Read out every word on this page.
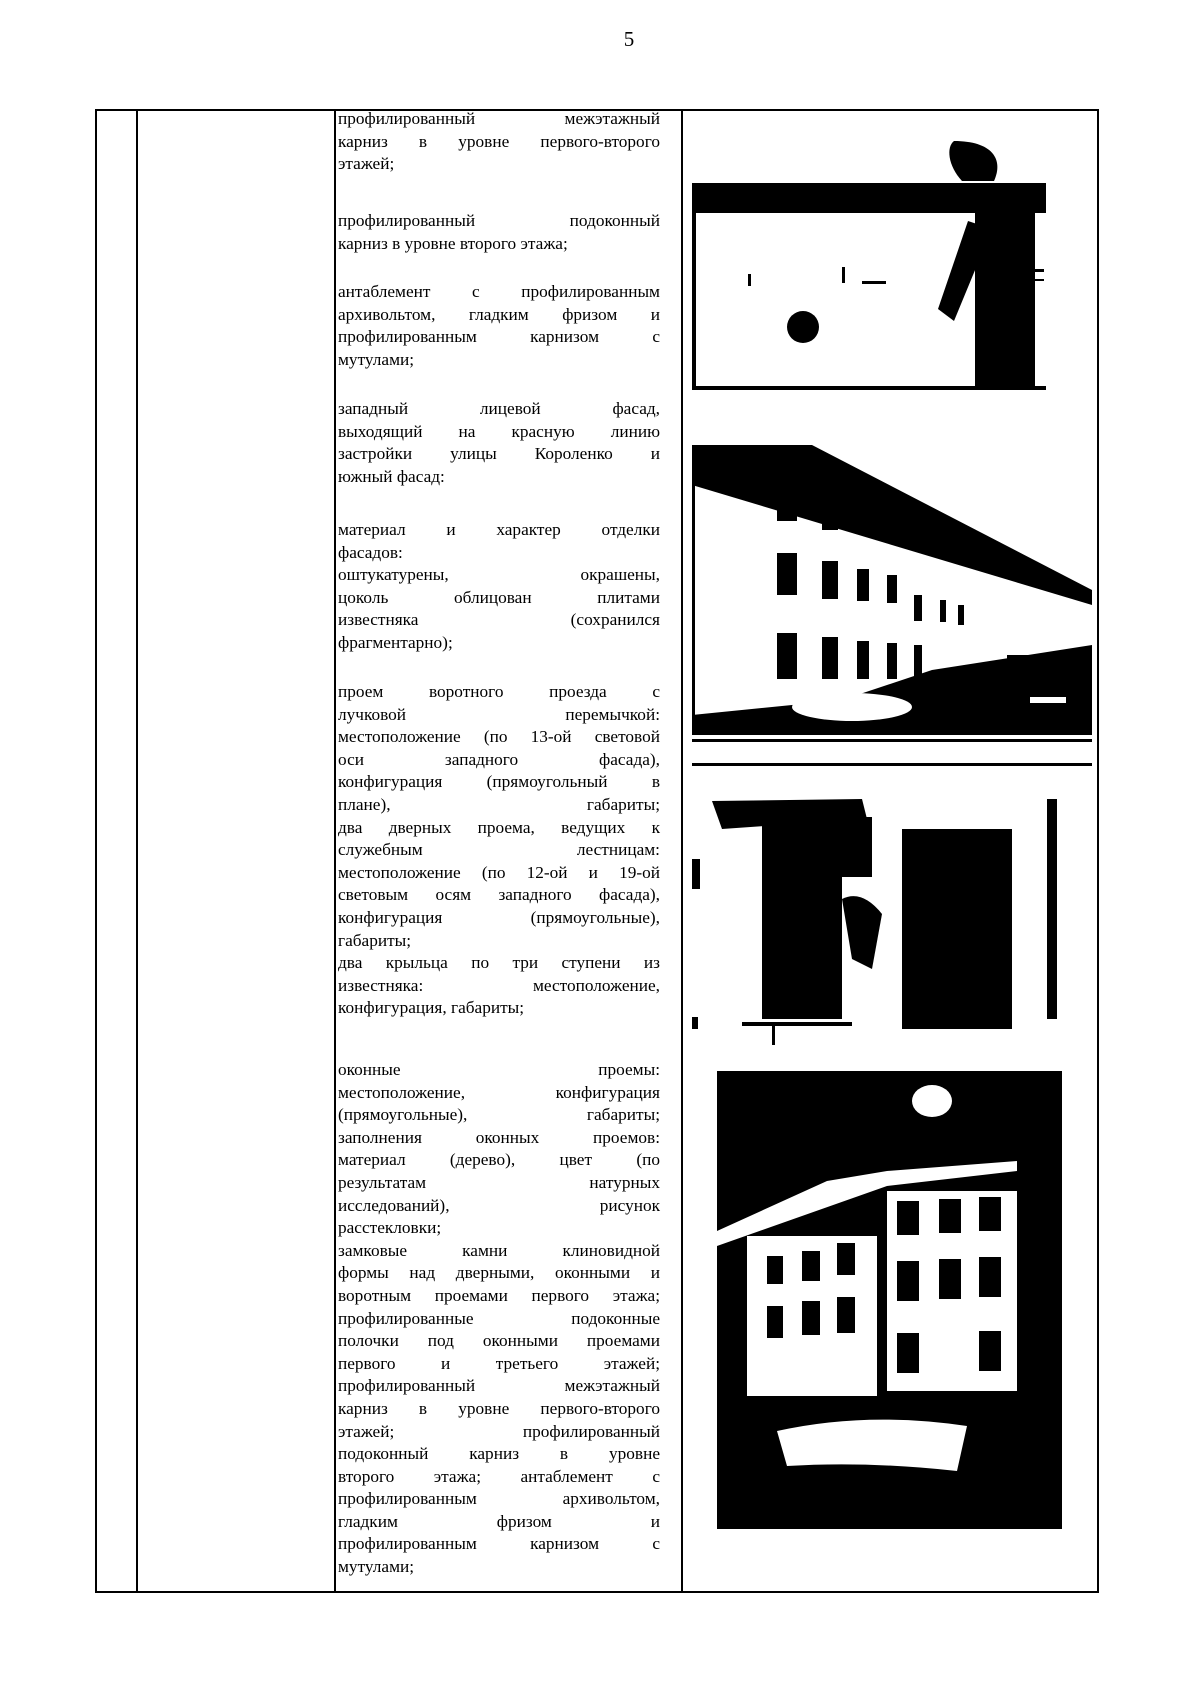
5
профилированный межэтажный
карниз в уровне первого-второго
этажей;
профилированный подоконный
карниз в уровне второго этажа;
антаблемент с профилированным
архивольтом, гладким фризом и
профилированным карнизом с
мутулами;
западный лицевой фасад,
выходящий на красную линию
застройки улицы Короленко и
южный фасад:
материал и характер отделки
фасадов:
оштукатурены, окрашены,
цоколь облицован плитами
известняка (сохранился
фрагментарно);
проем воротного проезда с
лучковой перемычкой:
местоположение (по 13-ой световой
оси западного фасада),
конфигурация (прямоугольный в
плане), габариты;
два дверных проема, ведущих к
служебным лестницам:
местоположение (по 12-ой и 19-ой
световым осям западного фасада),
конфигурация (прямоугольные),
габариты;
два крыльца по три ступени из
известняка: местоположение,
конфигурация, габариты;
оконные проемы:
местоположение, конфигурация
(прямоугольные), габариты;
заполнения оконных проемов:
материал (дерево), цвет (по
результатам натурных
исследований), рисунок
расстекловки;
замковые камни клиновидной
формы над дверными, оконными и
воротным проемами первого этажа;
профилированные подоконные
полочки под оконными проемами
первого и третьего этажей;
профилированный межэтажный
карниз в уровне первого-второго
этажей; профилированный
подоконный карниз в уровне
второго этажа; антаблемент с
профилированным архивольтом,
гладким фризом и
профилированным карнизом с
мутулами;
